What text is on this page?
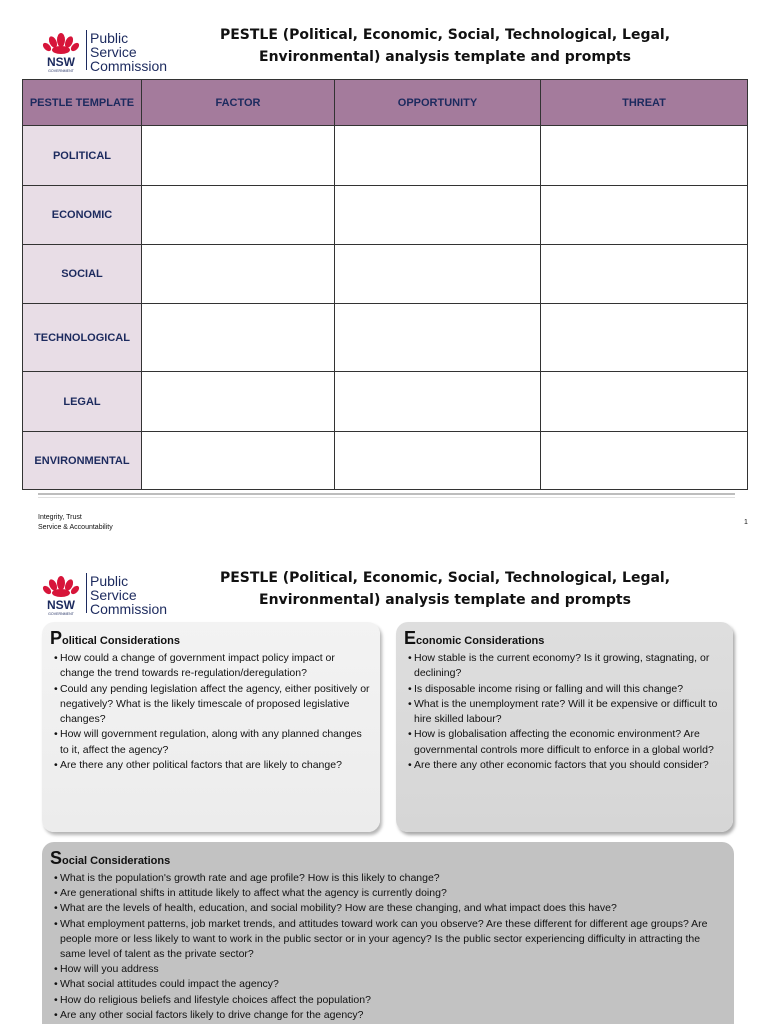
NSW
GOVERNMENT
Public
Service
Commission
PESTLE (Political, Economic, Social, Technological, Legal,
Environmental) analysis template and prompts
PESTLE TEMPLATE	FACTOR	OPPORTUNITY	THREAT
POLITICAL			
ECONOMIC			
SOCIAL			
TECHNOLOGICAL			
LEGAL			
ENVIRONMENTAL			
Integrity, Trust
Service & Accountability
1
NSW
GOVERNMENT
Public
Service
Commission
PESTLE (Political, Economic, Social, Technological, Legal,
Environmental) analysis template and prompts
Political Considerations
• How could a change of government impact policy impact or change the trend towards re-regulation/deregulation?
• Could any pending legislation affect the agency, either positively or negatively? What is the likely timescale of proposed legislative changes?
• How will government regulation, along with any planned changes to it, affect the agency?
• Are there any other political factors that are likely to change?
Economic Considerations
• How stable is the current economy? Is it growing, stagnating, or declining?
• Is disposable income rising or falling and will this change?
• What is the unemployment rate? Will it be expensive or difficult to hire skilled labour?
• How is globalisation affecting the economic environment? Are governmental controls more difficult to enforce in a global world?
• Are there any other economic factors that you should consider?
Social Considerations
• What is the population's growth rate and age profile? How is this likely to change?
• Are generational shifts in attitude likely to affect what the agency is currently doing?
• What are the levels of health, education, and social mobility? How are these changing, and what impact does this have?
• What employment patterns, job market trends, and attitudes toward work can you observe? Are these different for different age groups? Are people more or less likely to want to work in the public sector or in your agency? Is the public sector experiencing difficulty in attracting the same level of talent as the private sector?
• How will you address
• What social attitudes could impact the agency?
• How do religious beliefs and lifestyle choices affect the population?
• Are any other social factors likely to drive change for the agency?
